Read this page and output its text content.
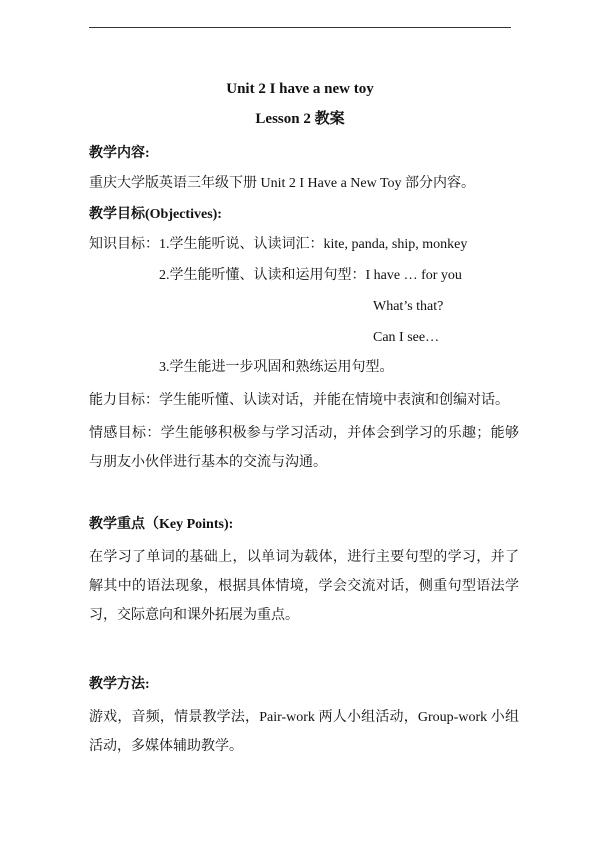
Unit 2 I have a new toy

Lesson 2 教案

教学内容:

重庆大学版英语三年级下册 Unit 2 I Have a New Toy 部分内容。

教学目标(Objectives):

知识目标：1.学生能听说、认读词汇：kite, panda, ship, monkey

2.学生能听懂、认读和运用句型：I have … for you

What’s that?

Can I see…

3.学生能进一步巩固和熟练运用句型。

能力目标：学生能听懂、认读对话，并能在情境中表演和创编对话。

情感目标：学生能够积极参与学习活动，并体会到学习的乐趣；能够与朋友小伙伴进行基本的交流与沟通。

教学重点（Key Points):

在学习了单词的基础上，以单词为载体，进行主要句型的学习，并了解其中的语法现象，根据具体情境，学会交流对话，侧重句型语法学习，交际意向和课外拓展为重点。

教学方法:

游戏，音频，情景教学法，Pair-work 两人小组活动，Group-work 小组活动，多媒体辅助教学。
